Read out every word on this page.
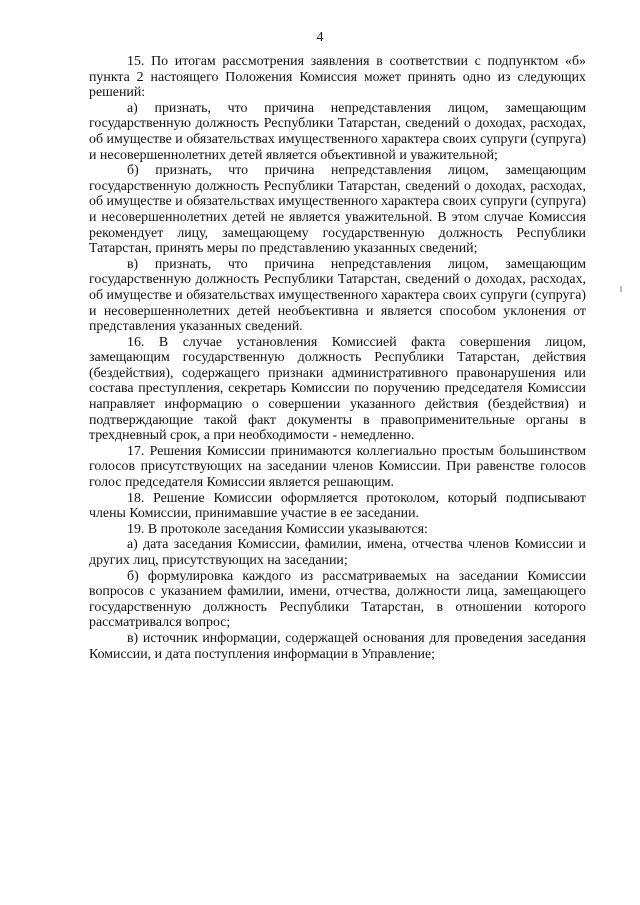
4

15. По итогам рассмотрения заявления в соответствии с подпунктом «б» пункта 2 настоящего Положения Комиссия может принять одно из следующих решений:

а) признать, что причина непредставления лицом, замещающим государственную должность Республики Татарстан, сведений о доходах, расходах, об имуществе и обязательствах имущественного характера своих супруги (супруга) и несовершеннолетних детей является объективной и уважительной;

б) признать, что причина непредставления лицом, замещающим государственную должность Республики Татарстан, сведений о доходах, расходах, об имуществе и обязательствах имущественного характера своих супруги (супруга) и несовершеннолетних детей не является уважительной. В этом случае Комиссия рекомендует лицу, замещающему государственную должность Республики Татарстан, принять меры по представлению указанных сведений;

в) признать, что причина непредставления лицом, замещающим государственную должность Республики Татарстан, сведений о доходах, расходах, об имуществе и обязательствах имущественного характера своих супруги (супруга) и несовершеннолетних детей необъективна и является способом уклонения от представления указанных сведений.

16. В случае установления Комиссией факта совершения лицом, замещающим государственную должность Республики Татарстан, действия (бездействия), содержащего признаки административного правонарушения или состава преступления, секретарь Комиссии по поручению председателя Комиссии направляет информацию о совершении указанного действия (бездействия) и подтверждающие такой факт документы в правоприменительные органы в трехдневный срок, а при необходимости - немедленно.

17. Решения Комиссии принимаются коллегиально простым большинством голосов присутствующих на заседании членов Комиссии. При равенстве голосов голос председателя Комиссии является решающим.

18. Решение Комиссии оформляется протоколом, который подписывают члены Комиссии, принимавшие участие в ее заседании.

19. В протоколе заседания Комиссии указываются:

а) дата заседания Комиссии, фамилии, имена, отчества членов Комиссии и других лиц, присутствующих на заседании;

б) формулировка каждого из рассматриваемых на заседании Комиссии вопросов с указанием фамилии, имени, отчества, должности лица, замещающего государственную должность Республики Татарстан, в отношении которого рассматривался вопрос;

в) источник информации, содержащей основания для проведения заседания Комиссии, и дата поступления информации в Управление;
